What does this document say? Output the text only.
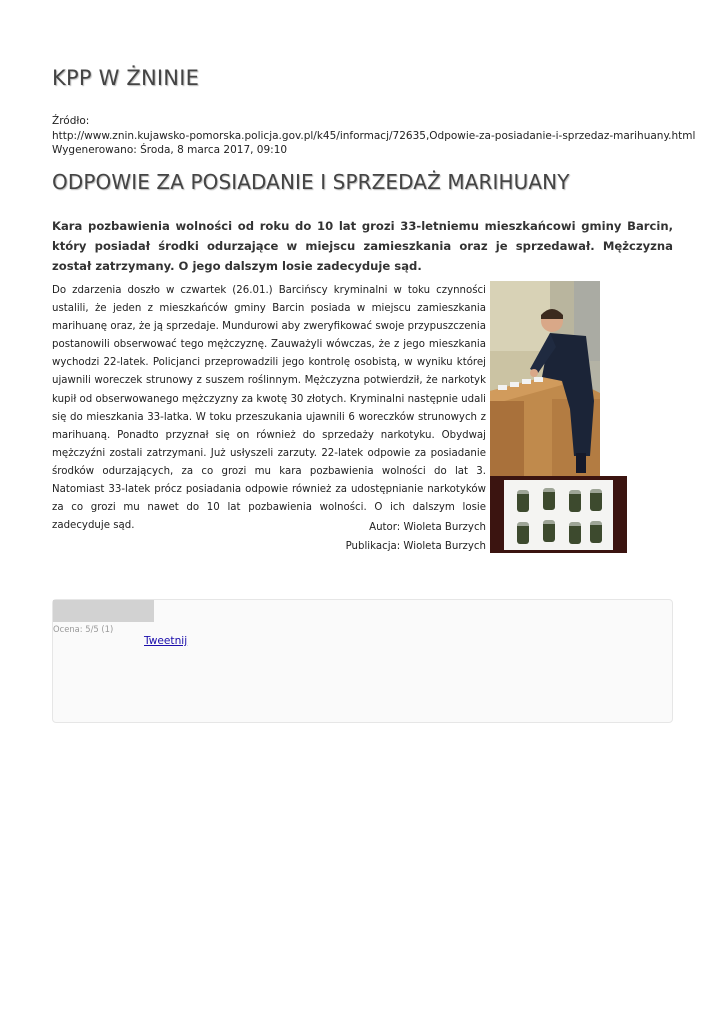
KPP W ŻNINIE
Źródło:
http://www.znin.kujawsko-pomorska.policja.gov.pl/k45/informacj/72635,Odpowie-za-posiadanie-i-sprzedaz-marihuany.html
Wygenerowano: Środa, 8 marca 2017, 09:10
ODPOWIE ZA POSIADANIE I SPRZEDAŻ MARIHUANY

Kara pozbawienia wolności od roku do 10 lat grozi 33-letniemu mieszkańcowi gminy Barcin, który posiadał środki odurzające w miejscu zamieszkania oraz je sprzedawał. Mężczyzna został zatrzymany. O jego dalszym losie zadecyduje sąd.

Do zdarzenia doszło w czwartek (26.01.) Barcińscy kryminalni w toku czynności ustalili, że jeden z mieszkańców gminy Barcin posiada w miejscu zamieszkania marihuanę oraz, że ją sprzedaje. Mundurowi aby zweryfikować swoje przypuszczenia postanowili obserwować tego mężczyznę. Zauważyli wówczas, że z jego mieszkania wychodzi 22-latek. Policjanci przeprowadzili jego kontrolę osobistą, w wyniku której ujawnili woreczek strunowy z suszem roślinnym. Mężczyzna potwierdził, że narkotyk kupił od obserwowanego mężczyzny za kwotę 30 złotych. Kryminalni następnie udali się do mieszkania 33-latka. W toku przeszukania ujawnili 6 woreczków strunowych z marihuaną. Ponadto przyznał się on również do sprzedaży narkotyku. Obydwaj mężczyźni zostali zatrzymani. Już usłyszeli zarzuty. 22-latek odpowie za posiadanie środków odurzających, za co grozi mu kara pozbawienia wolności do lat 3. Natomiast 33-latek prócz posiadania odpowie również za udostępnianie narkotyków za co grozi mu nawet do 10 lat pozbawienia wolności. O ich dalszym losie zadecyduje sąd.	Autor: Wioleta Burzych
Publikacja: Wioleta Burzych
Ocena: 5/5 (1)
Tweetnij
